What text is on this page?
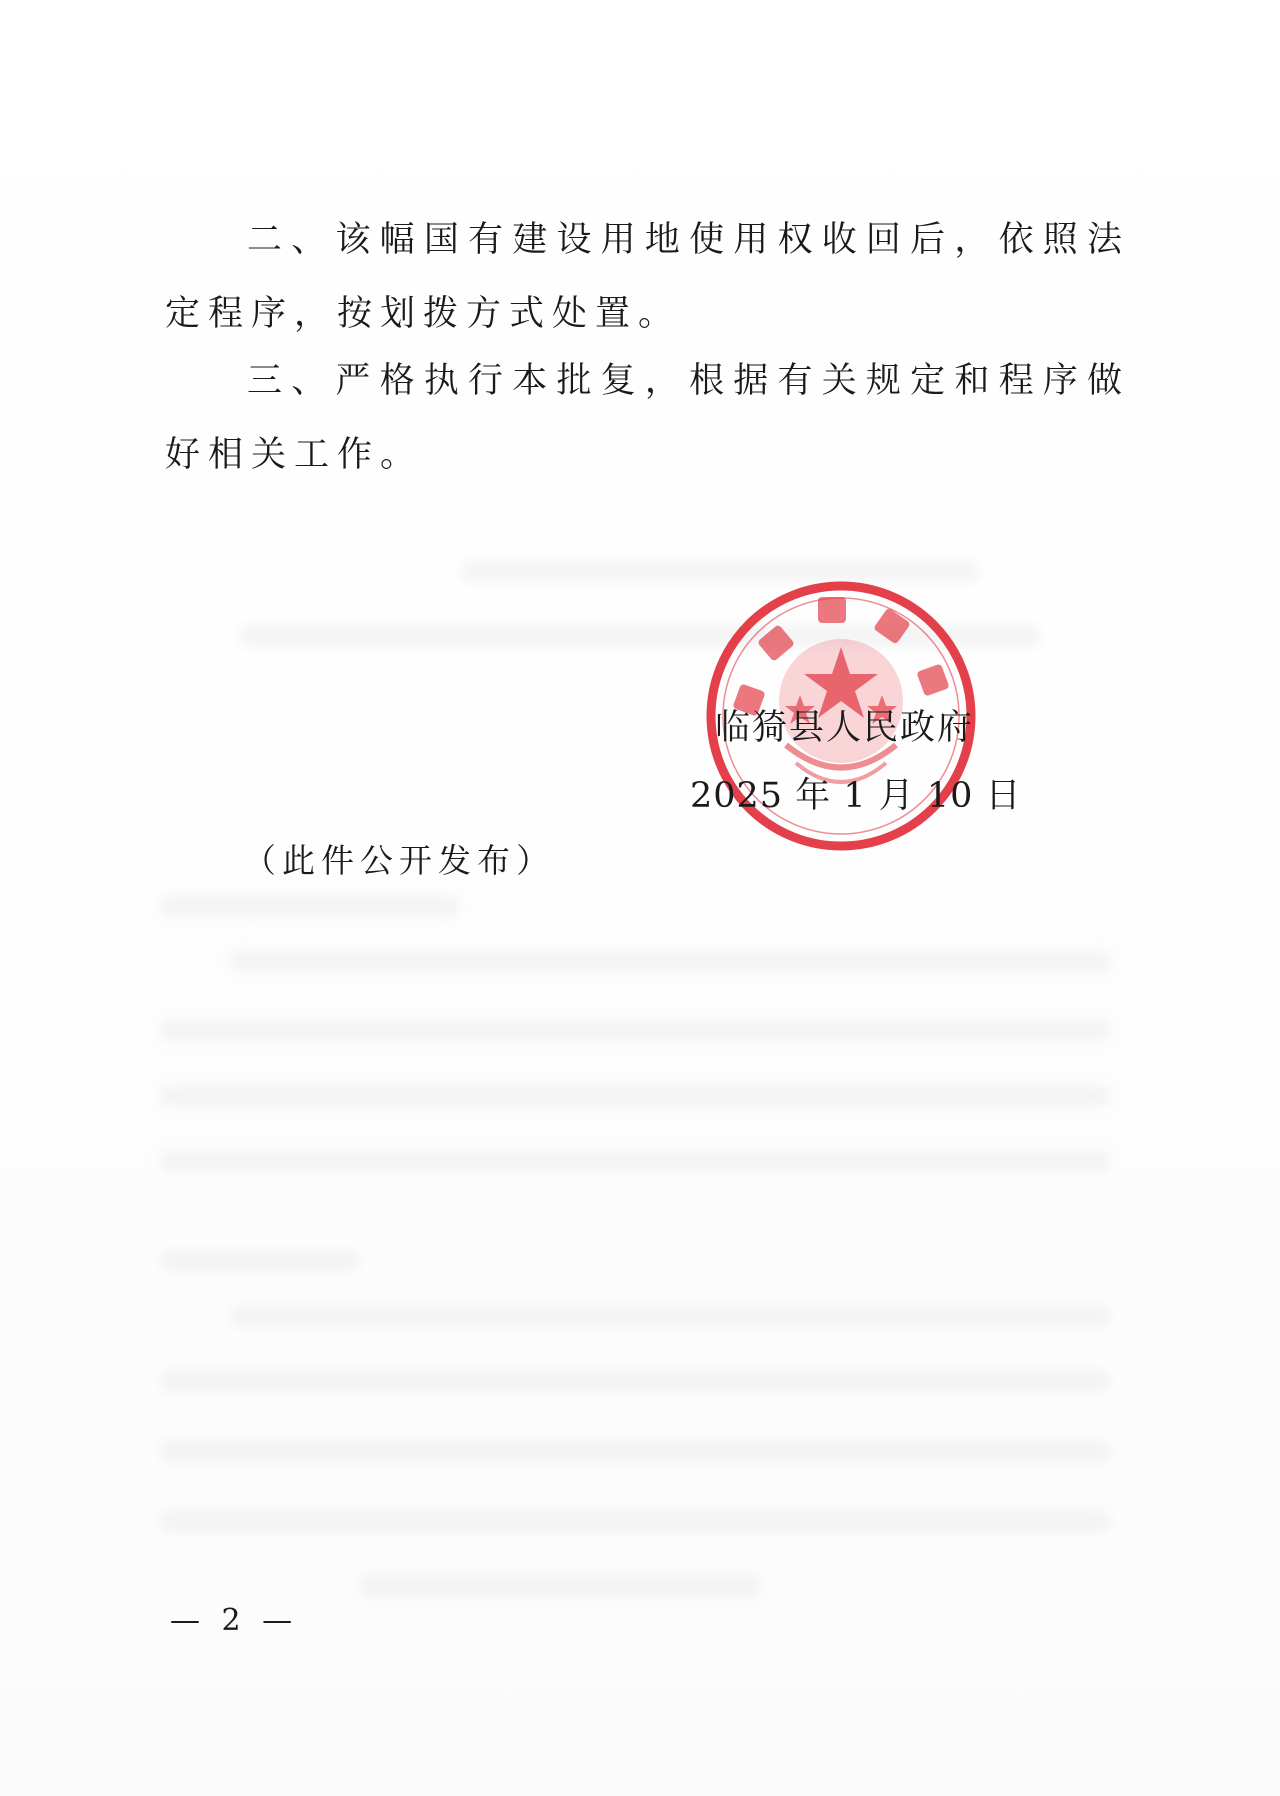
二、该幅国有建设用地使用权收回后，依照法定程序，按划拨方式处置。

三、严格执行本批复，根据有关规定和程序做好相关工作。

临猗县人民政府
2025 年 1 月 10 日
（此件公开发布）
— 2 —
